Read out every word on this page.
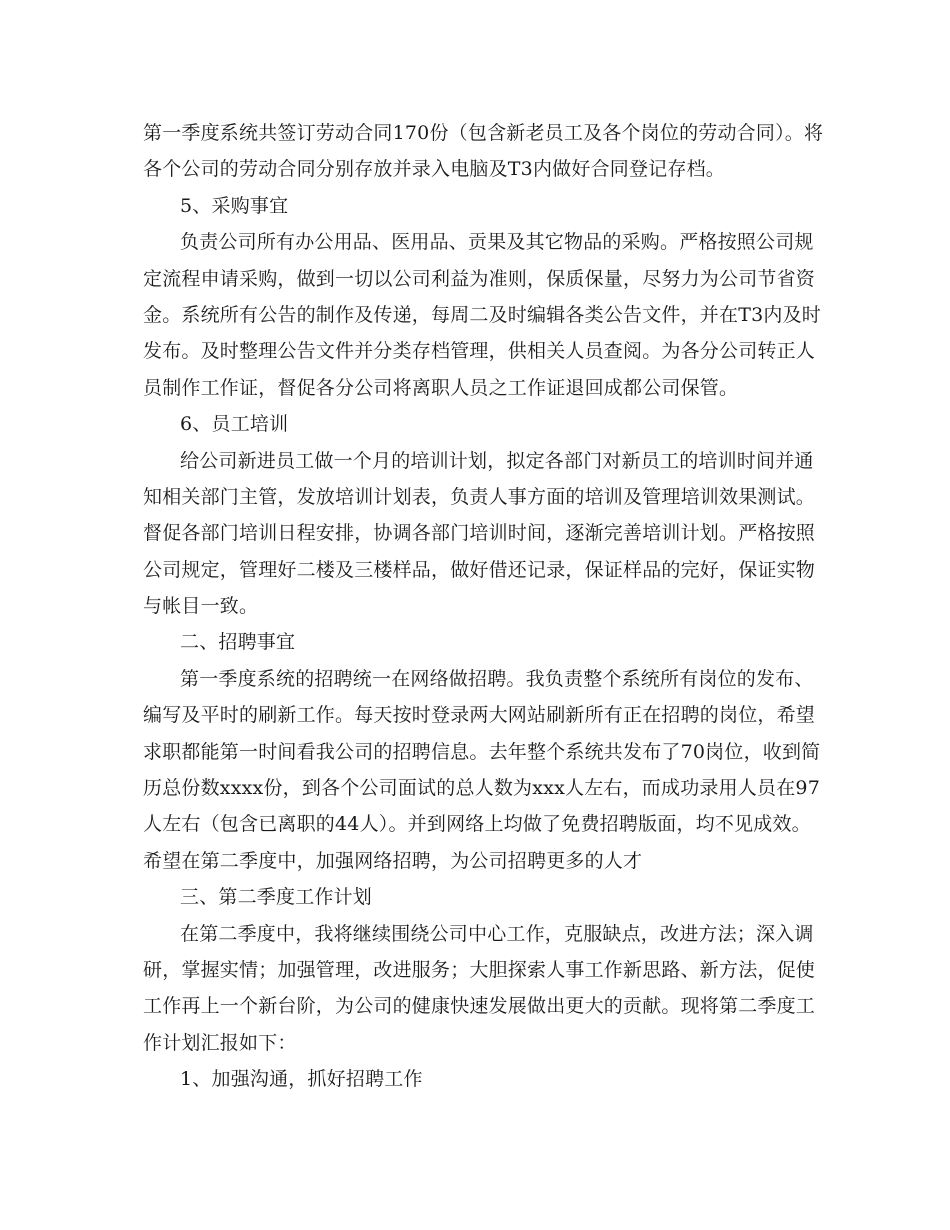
第一季度系统共签订劳动合同170份（包含新老员工及各个岗位的劳动合同）。将
各个公司的劳动合同分别存放并录入电脑及T3内做好合同登记存档。
5、采购事宜
负责公司所有办公用品、医用品、贡果及其它物品的采购。严格按照公司规
定流程申请采购，做到一切以公司利益为准则，保质保量，尽努力为公司节省资
金。系统所有公告的制作及传递，每周二及时编辑各类公告文件，并在T3内及时
发布。及时整理公告文件并分类存档管理，供相关人员查阅。为各分公司转正人
员制作工作证，督促各分公司将离职人员之工作证退回成都公司保管。
6、员工培训
给公司新进员工做一个月的培训计划，拟定各部门对新员工的培训时间并通
知相关部门主管，发放培训计划表，负责人事方面的培训及管理培训效果测试。
督促各部门培训日程安排，协调各部门培训时间，逐渐完善培训计划。严格按照
公司规定，管理好二楼及三楼样品，做好借还记录，保证样品的完好，保证实物
与帐目一致。
二、招聘事宜
第一季度系统的招聘统一在网络做招聘。我负责整个系统所有岗位的发布、
编写及平时的刷新工作。每天按时登录两大网站刷新所有正在招聘的岗位，希望
求职都能第一时间看我公司的招聘信息。去年整个系统共发布了70岗位，收到简
历总份数xxxx份，到各个公司面试的总人数为xxx人左右，而成功录用人员在97
人左右（包含已离职的44人）。并到网络上均做了免费招聘版面，均不见成效。
希望在第二季度中，加强网络招聘，为公司招聘更多的人才
三、第二季度工作计划
在第二季度中，我将继续围绕公司中心工作，克服缺点，改进方法；深入调
研，掌握实情；加强管理，改进服务；大胆探索人事工作新思路、新方法，促使
工作再上一个新台阶，为公司的健康快速发展做出更大的贡献。现将第二季度工
作计划汇报如下：
1、加强沟通，抓好招聘工作
